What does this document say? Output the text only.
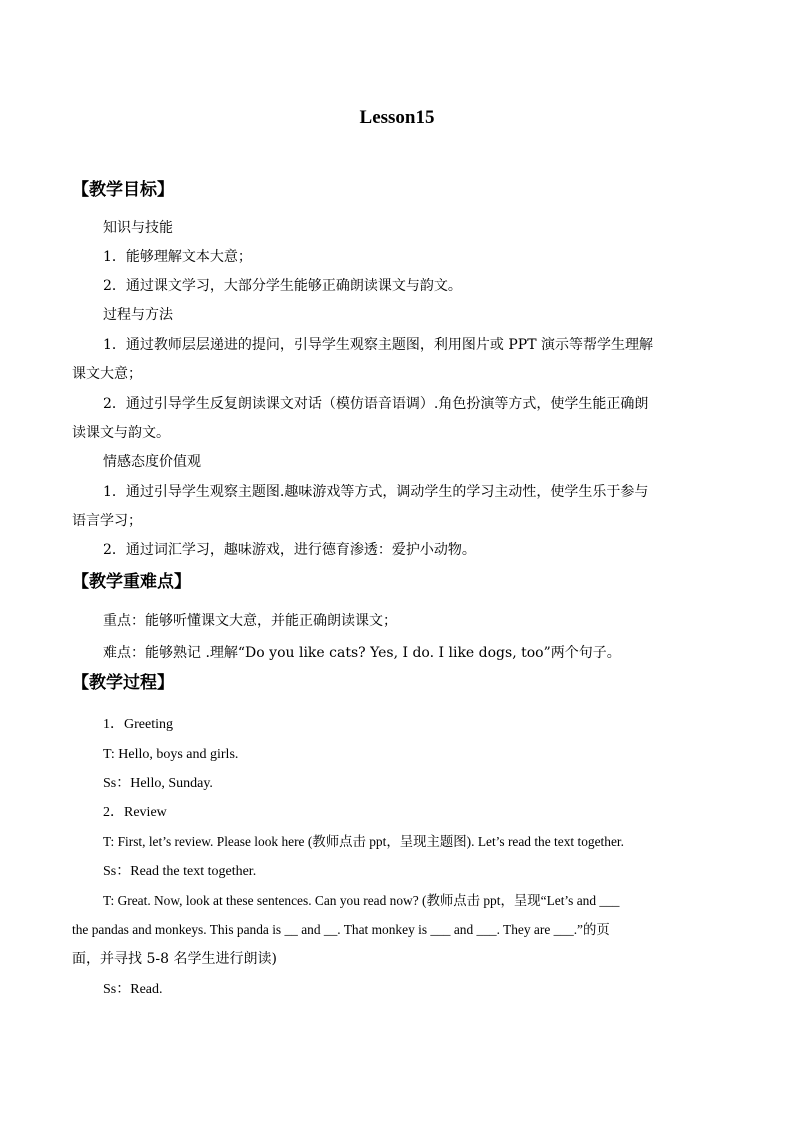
Lesson15
【教学目标】
知识与技能
1．能够理解文本大意；
2．通过课文学习，大部分学生能够正确朗读课文与韵文。
过程与方法
1．通过教师层层递进的提问，引导学生观察主题图，利用图片或 PPT 演示等帮学生理解
课文大意；
2．通过引导学生反复朗读课文对话（模仿语音语调）.角色扮演等方式，使学生能正确朗
读课文与韵文。
情感态度价值观
1．通过引导学生观察主题图.趣味游戏等方式，调动学生的学习主动性，使学生乐于参与
语言学习；
2．通过词汇学习，趣味游戏，进行德育渗透：爱护小动物。
【教学重难点】
重点：能够听懂课文大意，并能正确朗读课文；
难点：能够熟记 .理解“Do you like cats? Yes, I do. I like dogs, too”两个句子。
【教学过程】
1．Greeting
T: Hello, boys and girls.
Ss：Hello, Sunday.
2．Review
T: First, let’s review. Please look here (教师点击 ppt，呈现主题图). Let’s read the text together.
Ss：Read the text together.
T: Great. Now, look at these sentences. Can you read now? (教师点击 ppt，呈现“Let’s and ___
the pandas and monkeys. This panda is __ and __. That monkey is ___ and ___. They are ___.”的页
面，并寻找 5-8 名学生进行朗读)
Ss：Read.
